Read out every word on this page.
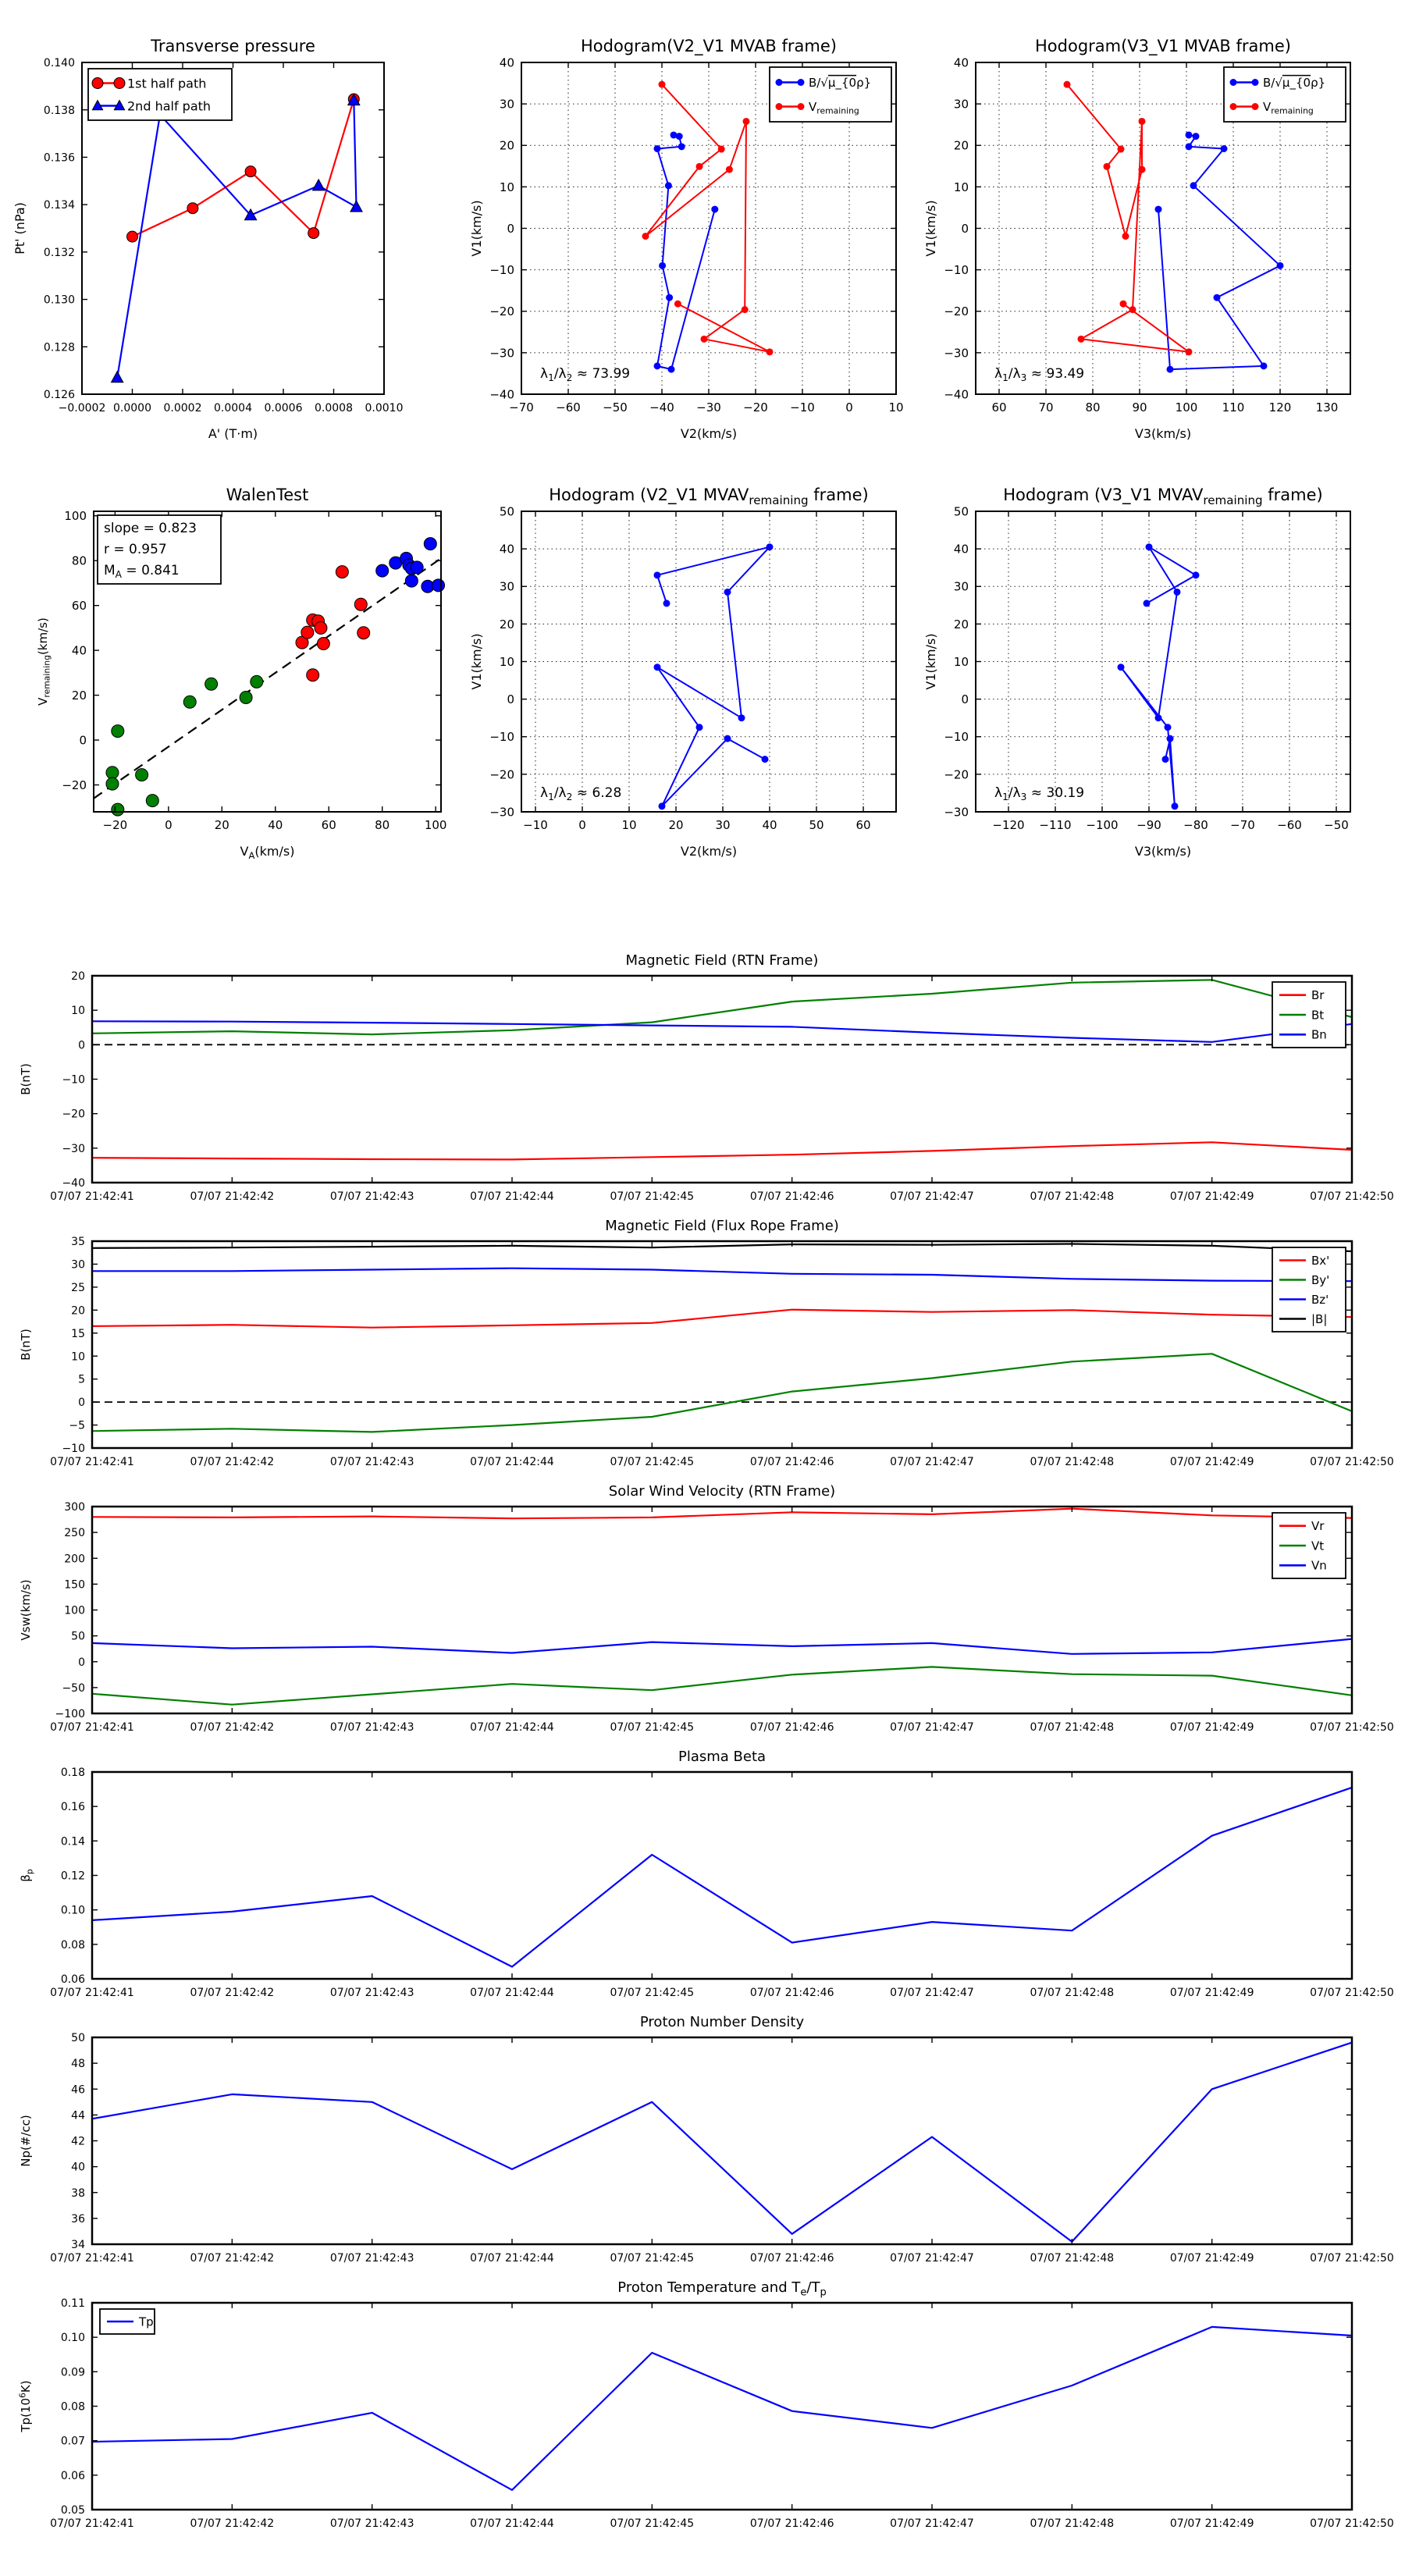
−0.0002 0.0000 0.0002 0.0004 0.0006 0.0008 0.0010
0.126
0.128
0.130
0.132
0.134
0.136
0.138
0.140
Transverse pressure
A' (T·m)
Pt' (nPa)
1st half path
2nd half path
−70 −60 −50 −40 −30 −20 −10	0	10
−40
−30
−20
−10
0
10
20
30
40
Hodogram(V2_V1 MVAB frame)
V2(km/s)
V1(km/s)
B/√μ_{0ρ}
$V_{remaining}$
$\lambda_1/\lambda_2 \approx 73.99$
60	70	80	90 100 110 120 130
−40
−30
−20
−10
0
10
20
30
40
Hodogram(V3_V1 MVAB frame)
V3(km/s)
V1(km/s)
B/√μ_{0ρ}
$V_{remaining}$
$\lambda_1/\lambda_3 \approx 93.49$
−20	0	20	40	60	80	100
−20
0
20
40
60
80
100
WalenTest
$V_A(km/s)$
$V_{remaining}(km/s)$
slope = 0.823
r = 0.957
$M_A = 0.841$
−10	0	10	20	30	40	50	60
−30
−20
−10
0
10
20
30
40
50
Hodogram (V2_V1 $MVAV_{remaining}$ frame)
V2(km/s)
V1(km/s)
$\lambda_1/\lambda_2 \approx 6.28$
−120 −110 −100 −90 −80 −70 −60 −50
−30
−20
−10
0
10
20
30
40
50
Hodogram (V3_V1 $MVAV_{remaining}$ frame)
V3(km/s)
V1(km/s)
$\lambda_1/\lambda_3 \approx 30.19$
07/07 21:42:41	07/07 21:42:42	07/07 21:42:43	07/07 21:42:44	07/07 21:42:45	07/07 21:42:46	07/07 21:42:47	07/07 21:42:48	07/07 21:42:49	07/07 21:42:50
−40
−30
−20
−10
0
10
20
Magnetic Field (RTN Frame)
B(nT)
Br
Bt
Bn
07/07 21:42:41	07/07 21:42:42	07/07 21:42:43	07/07 21:42:44	07/07 21:42:45	07/07 21:42:46	07/07 21:42:47	07/07 21:42:48	07/07 21:42:49	07/07 21:42:50
−10
−5
0
5
10
15
20
25
30
35
Magnetic Field (Flux Rope Frame)
B(nT)
Bx'
By'
Bz'
|B|
07/07 21:42:41	07/07 21:42:42	07/07 21:42:43	07/07 21:42:44	07/07 21:42:45	07/07 21:42:46	07/07 21:42:47	07/07 21:42:48	07/07 21:42:49	07/07 21:42:50
−100
−50
0
50
100
150
200
250
300
Solar Wind Velocity (RTN Frame)
Vsw(km/s)
Vr
Vt
Vn
07/07 21:42:41	07/07 21:42:42	07/07 21:42:43	07/07 21:42:44	07/07 21:42:45	07/07 21:42:46	07/07 21:42:47	07/07 21:42:48	07/07 21:42:49	07/07 21:42:50
0.06
0.08
0.10
0.12
0.14
0.16
0.18
Plasma Beta
$\beta_p$
07/07 21:42:41	07/07 21:42:42	07/07 21:42:43	07/07 21:42:44	07/07 21:42:45	07/07 21:42:46	07/07 21:42:47	07/07 21:42:48	07/07 21:42:49	07/07 21:42:50
34
36
38
40
42
44
46
48
50
Proton Number Density
Np(#/cc)
07/07 21:42:41	07/07 21:42:42	07/07 21:42:43	07/07 21:42:44	07/07 21:42:45	07/07 21:42:46	07/07 21:42:47	07/07 21:42:48	07/07 21:42:49	07/07 21:42:50
0.05
0.06
0.07
0.08
0.09
0.10
0.11
Proton Temperature and $T_e/T_p$
$Tp(10^6K)$
Tp
